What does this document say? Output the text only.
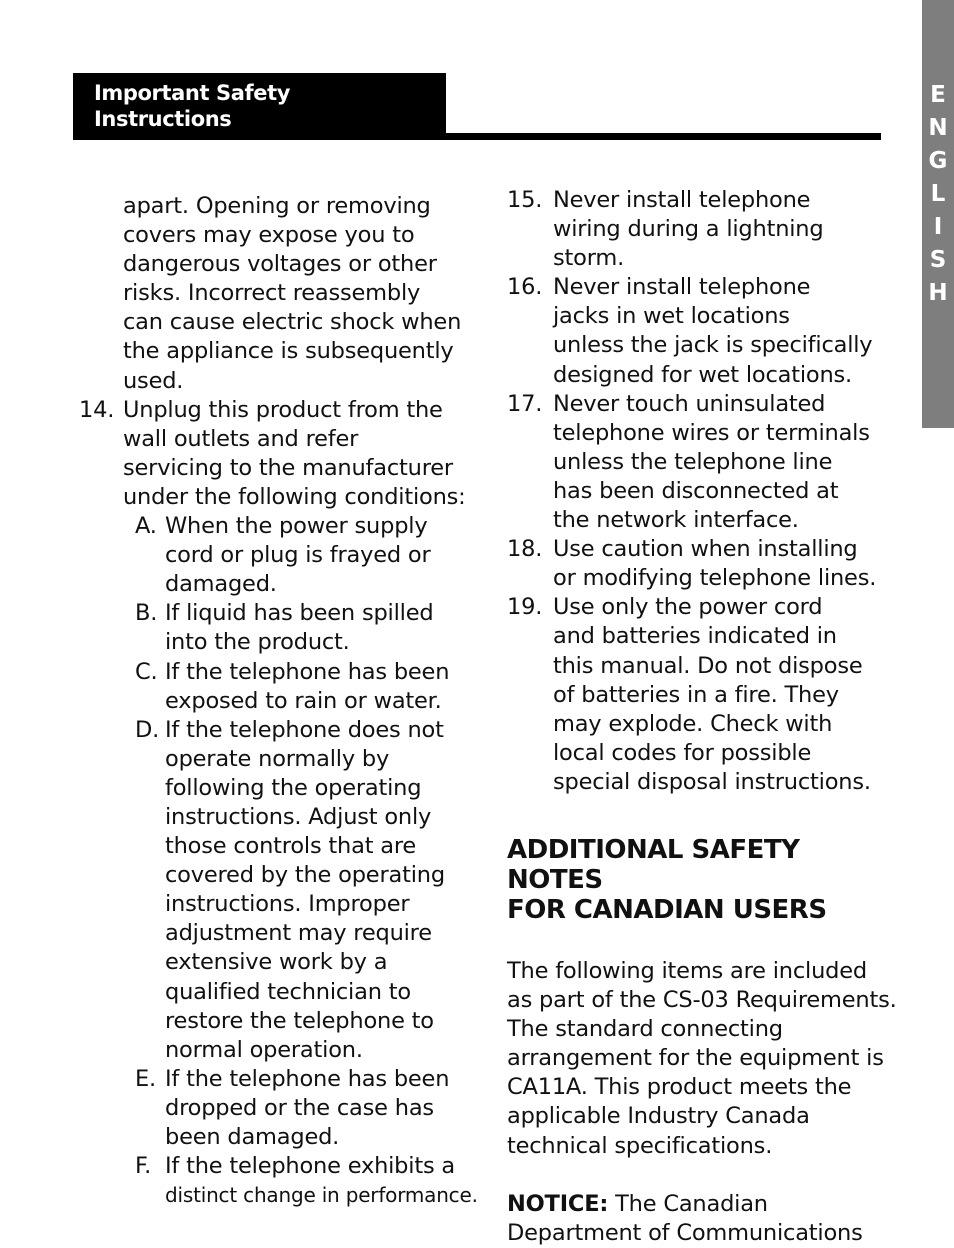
Important Safety
Instructions
E
N
G
L
I
S
H
apart. Opening or removing
covers may expose you to
dangerous voltages or other
risks. Incorrect reassembly
can cause electric shock when
the appliance is subsequently
used.
14. Unplug this product from the
wall outlets and refer
servicing to the manufacturer
under the following conditions:
A. When the power supply
cord or plug is frayed or
damaged.
B. If liquid has been spilled
into the product.
C. If the telephone has been
exposed to rain or water.
D. If the telephone does not
operate normally by
following the operating
instructions. Adjust only
those controls that are
covered by the operating
instructions. Improper
adjustment may require
extensive work by a
qualified technician to
restore the telephone to
normal operation.
E. If the telephone has been
dropped or the case has
been damaged.
F. If the telephone exhibits a
distinct change in performance.
15. Never install telephone
wiring during a lightning
storm.
16. Never install telephone
jacks in wet locations
unless the jack is specifically
designed for wet locations.
17. Never touch uninsulated
telephone wires or terminals
unless the telephone line
has been disconnected at
the network interface.
18. Use caution when installing
or modifying telephone lines.
19. Use only the power cord
and batteries indicated in
this manual. Do not dispose
of batteries in a fire. They
may explode. Check with
local codes for possible
special disposal instructions.
ADDITIONAL SAFETY NOTES
FOR CANADIAN USERS
The following items are included
as part of the CS-03 Requirements.
The standard connecting
arrangement for the equipment is
CA11A. This product meets the
applicable Industry Canada
technical specifications.
NOTICE: The Canadian
Department of Communications
